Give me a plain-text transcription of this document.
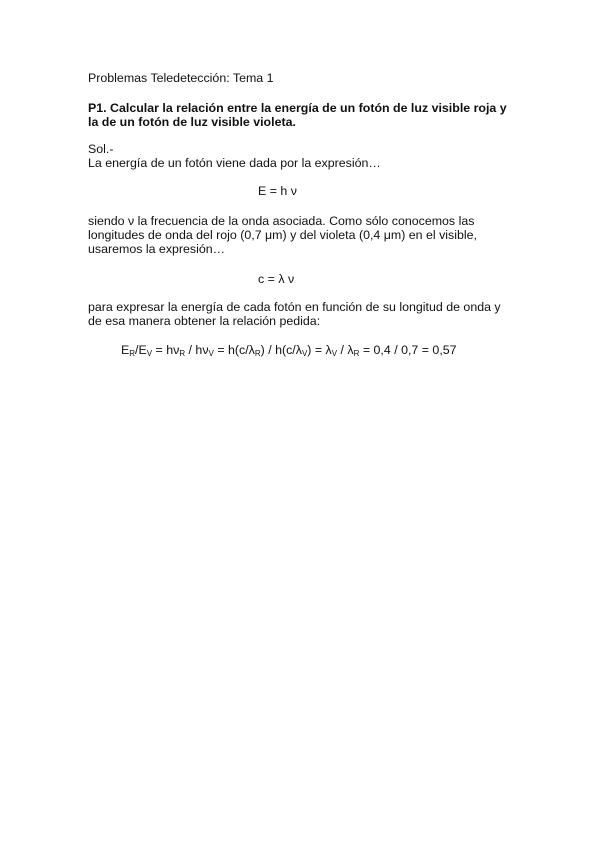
Problemas Teledetección: Tema 1
P1. Calcular la relación entre la energía de un fotón de luz visible roja y
la de un fotón de luz visible violeta.
Sol.-
La energía de un fotón viene dada por la expresión…
E = h ν
siendo ν la frecuencia de la onda asociada. Como sólo conocemos las
longitudes de onda del rojo (0,7 μm) y del violeta (0,4 μm) en el visible,
usaremos la expresión…
c = λ ν
para expresar la energía de cada fotón en función de su longitud de onda y
de esa manera obtener la relación pedida:
$E_R/E_V = h\nu_R / h\nu_V = h(c/\lambda_R) / h(c/\lambda_V) = \lambda_V / \lambda_R = 0,4 / 0,7 = 0,57$
